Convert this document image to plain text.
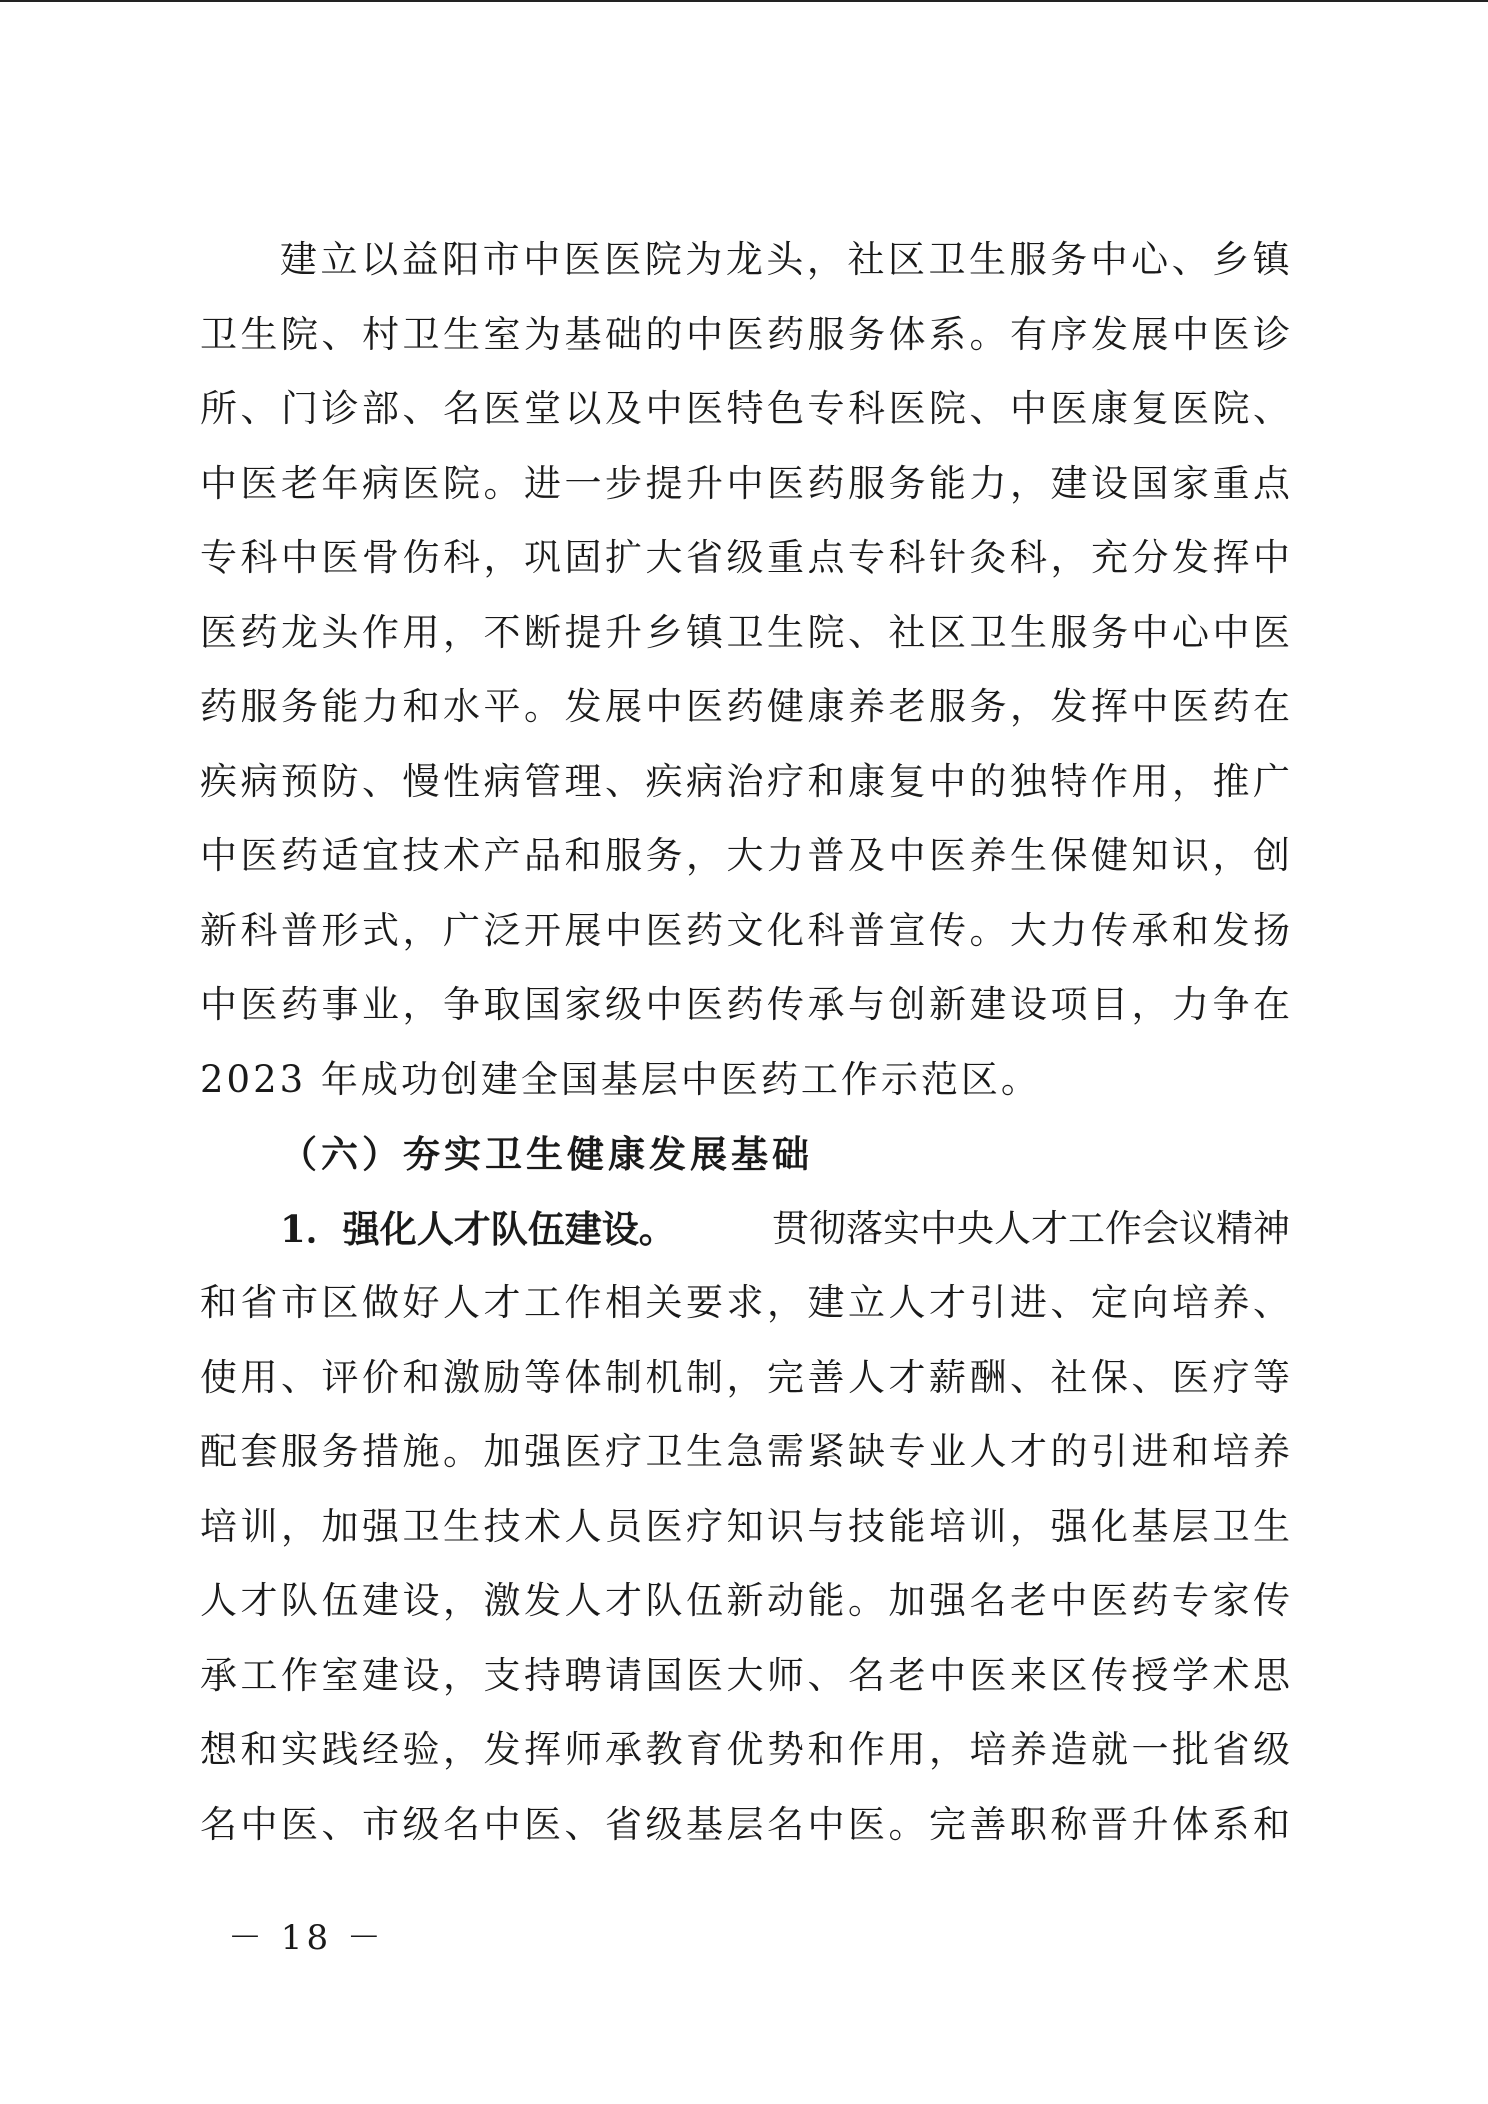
建 立 以 益 阳 市 中 医 医 院 为 龙 头 ， 社 区 卫 生 服 务 中 心 、 乡 镇
卫 生 院 、 村 卫 生 室 为 基 础 的 中 医 药 服 务 体 系 。 有 序 发 展 中 医 诊
所 、 门 诊 部 、 名 医 堂 以 及 中 医 特 色 专 科 医 院 、 中 医 康 复 医 院 、
中 医 老 年 病 医 院 。 进 一 步 提 升 中 医 药 服 务 能 力 ， 建 设 国 家 重 点
专 科 中 医 骨 伤 科 ， 巩 固 扩 大 省 级 重 点 专 科 针 灸 科 ， 充 分 发 挥 中
医 药 龙 头 作 用 ， 不 断 提 升 乡 镇 卫 生 院 、 社 区 卫 生 服 务 中 心 中 医
药 服 务 能 力 和 水 平 。 发 展 中 医 药 健 康 养 老 服 务 ， 发 挥 中 医 药 在
疾 病 预 防 、 慢 性 病 管 理 、 疾 病 治 疗 和 康 复 中 的 独 特 作 用 ， 推 广
中 医 药 适 宜 技 术 产 品 和 服 务 ， 大 力 普 及 中 医 养 生 保 健 知 识 ， 创
新 科 普 形 式 ， 广 泛 开 展 中 医 药 文 化 科 普 宣 传 。 大 力 传 承 和 发 扬
中 医 药 事 业 ， 争 取 国 家 级 中 医 药 传 承 与 创 新 建 设 项 目 ， 力 争 在
2023 年成功创建全国基层中医药工作示范区。
（六）夯实卫生健康发展基础
1．强化人才队伍建设。	贯彻落实中央人才工作会议精神
和 省 市 区 做 好 人 才 工 作 相 关 要 求 ， 建 立 人 才 引 进 、 定 向 培 养 、
使 用 、 评 价 和 激 励 等 体 制 机 制 ， 完 善 人 才 薪 酬 、 社 保 、 医 疗 等
配 套 服 务 措 施 。 加 强 医 疗 卫 生 急 需 紧 缺 专 业 人 才 的 引 进 和 培 养
培 训 ， 加 强 卫 生 技 术 人 员 医 疗 知 识 与 技 能 培 训 ， 强 化 基 层 卫 生
人 才 队 伍 建 设 ， 激 发 人 才 队 伍 新 动 能 。 加 强 名 老 中 医 药 专 家 传
承 工 作 室 建 设 ， 支 持 聘 请 国 医 大 师 、 名 老 中 医 来 区 传 授 学 术 思
想 和 实 践 经 验 ， 发 挥 师 承 教 育 优 势 和 作 用 ， 培 养 造 就 一 批 省 级
名 中 医 、 市 级 名 中 医 、 省 级 基 层 名 中 医 。 完 善 职 称 晋 升 体 系 和
－ 18 －
